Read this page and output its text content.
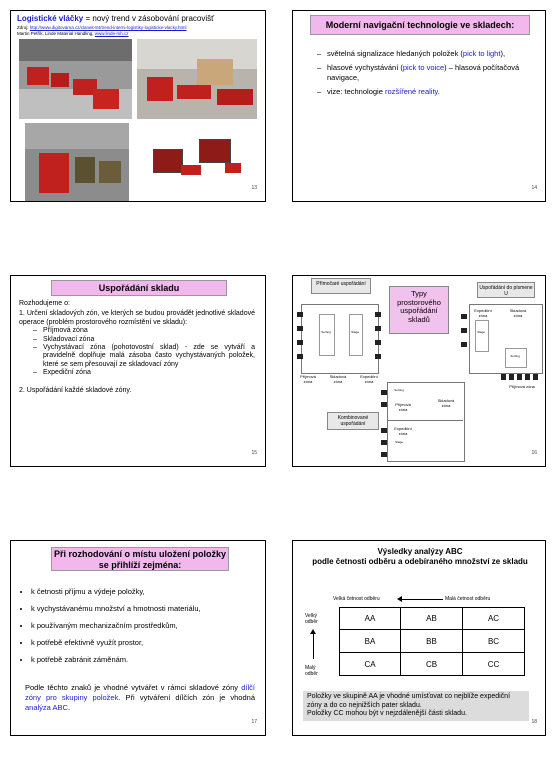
Logistické vláčky = nový trend v zásobování pracovišť
Zdroj: http://www.digitovarna.cz/clanek-84/trend-interni-logistiky-logisticke-vlacky.html
Martin Petřík, Linde Material Handling, www.linde-mh.cz
13
Moderní navigační technologie ve skladech:
– světelná signalizace hledaných položek (pick to light),
– hlasové vychystávání (pick to voice) – hlasová počítačová navigace,
– vize: technologie rozšířené reality.
14
Uspořádání skladu
Rozhodujeme o:
1. Určení skladových zón, ve kterých se budou provádět jednotlivé skladové operace (problém prostorového rozmístění ve skladu):
– Příjmová zóna
– Skladovací zóna
– Vychystávací zóna (pohotovostní sklad) - zde se vytváří a pravidelně doplňuje malá zásoba často vychystávaných položek, které se sem přesouvají ze skladovací zóny
– Expediční zóna
2. Uspořádání každé skladové zóny.
15
Přímočaré uspořádání
Typy prostorového uspořádání skladů
Uspořádání do písmene U
Sorting	Stage
Příjmová zóna
Skladová zóna
Expediční zóna
Expediční zóna
Skladová zóna
Stage
Sorting
Příjmová zóna
Sorting
Příjmová zóna
Skladová zóna
Expediční zóna
Stage
Kombinované uspořádání
16
Při rozhodování o místu uložení položky se přihlíží zejména:
• k četnosti příjmu a výdeje položky,
• k vychystávanému množství a hmotnosti materiálu,
• k používaným mechanizačním prostředkům,
• k potřebě efektivně využít prostor,
• k potřebě zabránit záměnám.
Podle těchto znaků je vhodné vytvářet v rámci skladové zóny dílčí zóny pro skupiny položek. Při vytváření dílčích zón je vhodná analýza ABC.
17
Výsledky analýzy ABC
podle četnosti odběru a odebíraného množství ze skladu
Velká četnost odběru	Malá četnost odběru
Velký odběr
Malý odběr
AA	AB	AC
BA	BB	BC
CA	CB	CC
Položky ve skupině AA je vhodné umísťovat co nejblíže expediční zóny a do co nejnižších pater skladu.
Položky CC mohou být v nejzdálenější části skladu.
18
